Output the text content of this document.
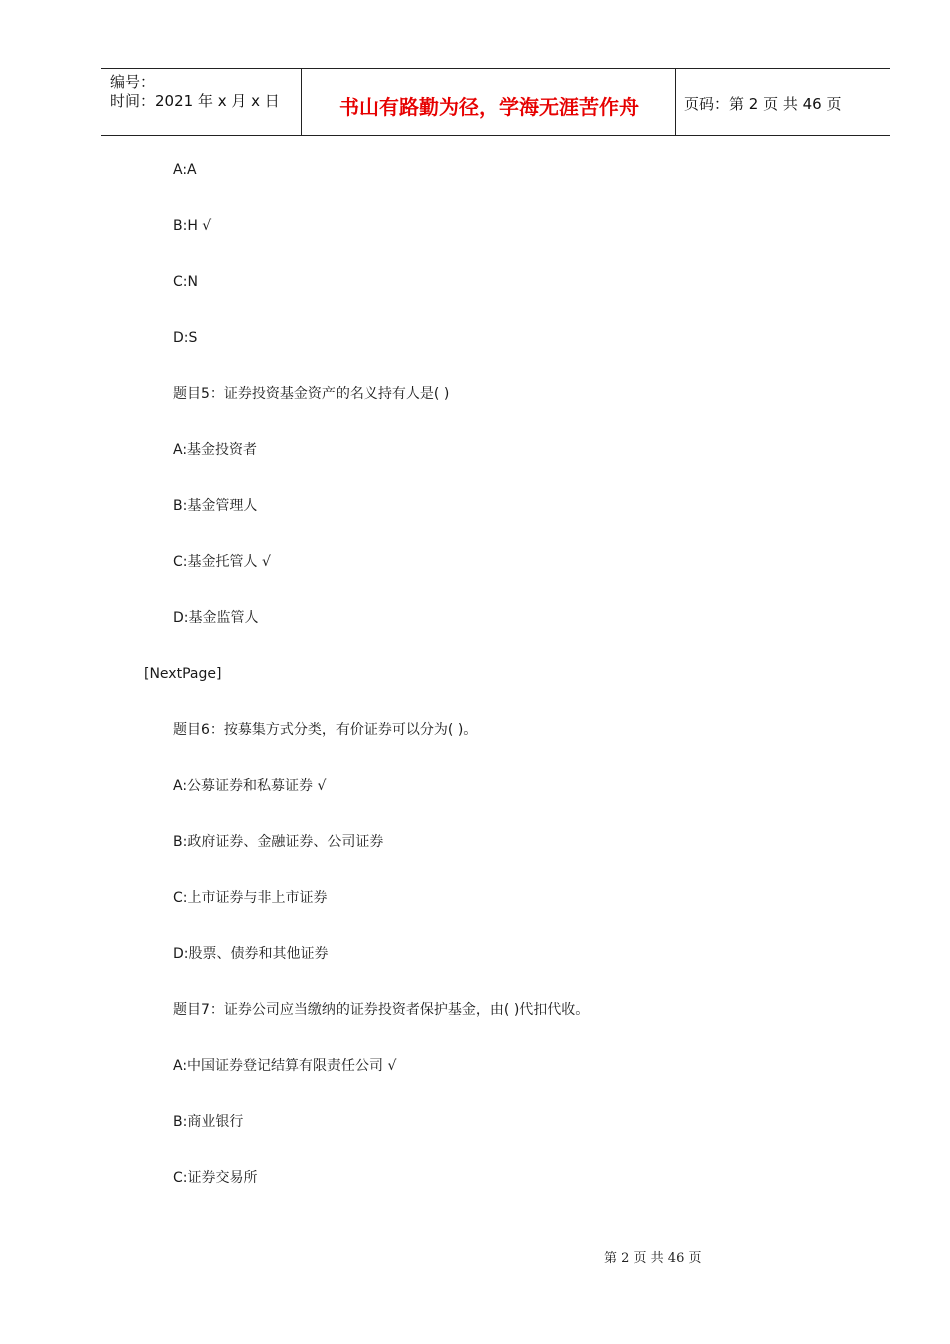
编号：
时间：2021 年 x 月 x 日	书山有路勤为径，学海无涯苦作舟	页码：第 2 页 共 46 页
A:A
B:H √
C:N
D:S
题目5：证券投资基金资产的名义持有人是( )
A:基金投资者
B:基金管理人
C:基金托管人 √
D:基金监管人
[NextPage]
题目6：按募集方式分类，有价证券可以分为( )。
A:公募证券和私募证券 √
B:政府证券、金融证券、公司证券
C:上市证券与非上市证券
D:股票、债券和其他证券
题目7：证券公司应当缴纳的证券投资者保护基金，由( )代扣代收。
A:中国证券登记结算有限责任公司 √
B:商业银行
C:证券交易所
第 2 页 共 46 页
